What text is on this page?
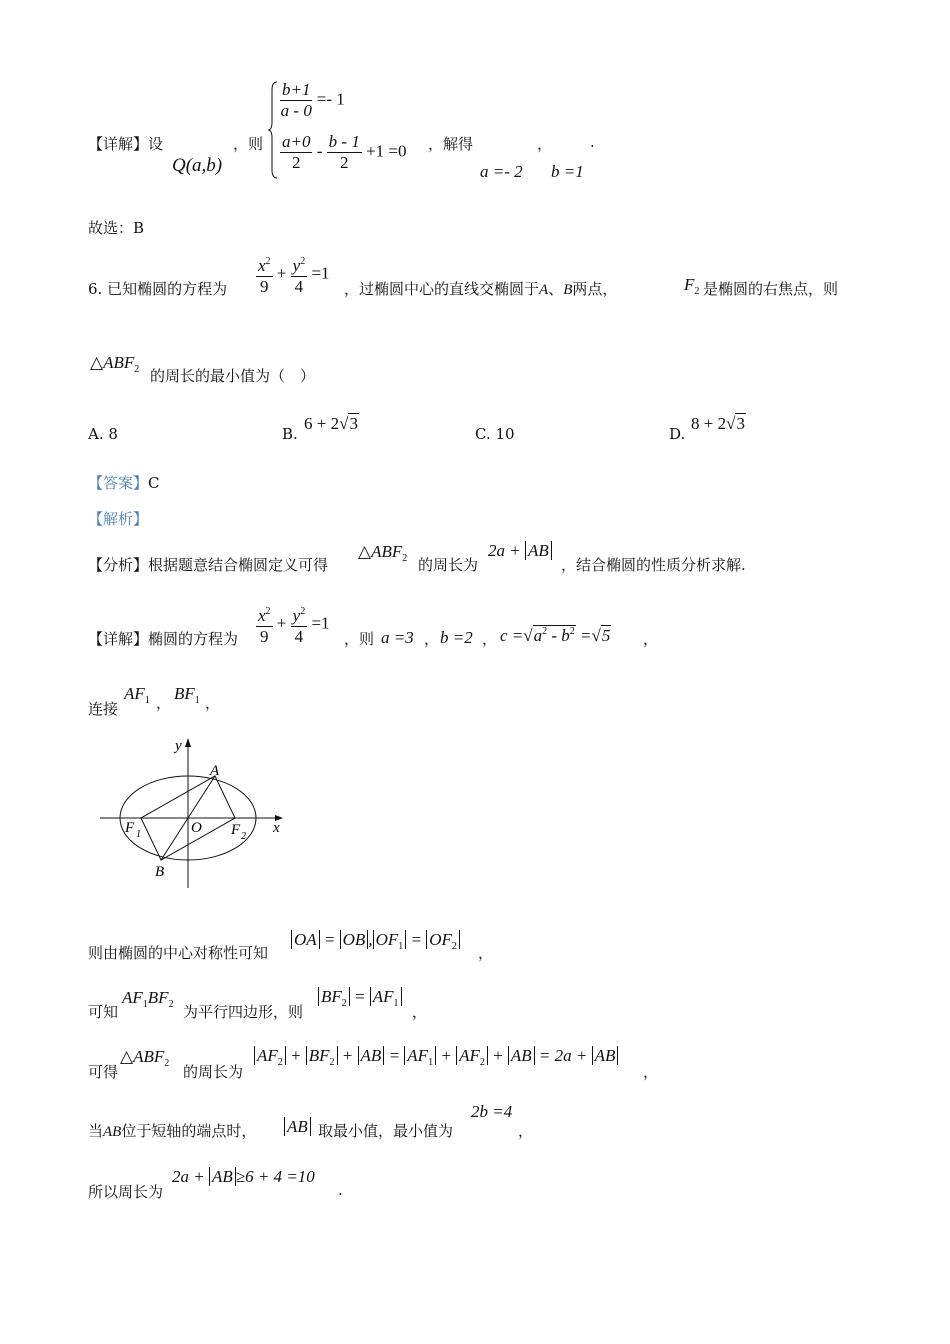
【详解】设
Q(a,b)
，则
$\frac{b+1}{a - 0} =- 1$
$\frac{a+0}{2} - \frac{b - 1}{2} +1 =0$ ，解得
a =- 2
，
b =1
.
故选：B
6. 已知椭圆的方程为 $\frac{x^2}{9} + \frac{y^2}{4} =1$
，过椭圆中心的直线交椭圆于A、B两点，	$F_2$ 是椭圆的右焦点，则
$\triangle ABF_2$ 的周长的最小值为（　）
A. 8	B.
6 + 2√3
C. 10	D.
8 + 2√3
【答案】C
【解析】
【分析】根据题意结合椭圆定义可得
$\triangle ABF_2$ 的周长为
2a + AB
，结合椭圆的性质分析求解.
【详解】椭圆的方程为 $\frac{x^2}{9} + \frac{y^2}{4} =1$
，则 a =3 ， b =2 ， $c =√a^2 - b^2 =√5$ ，
连接
$AF_1$ ， $BF_1$ ，
y
x
A
B
O
F 1	F 2
则由椭圆的中心对称性可知
OA = OB , $OF_1 = OF_2$ ，
可知
$AF_1BF_2$ 为平行四边形，则
$BF_2 = AF_1$ ，
可得
$\triangle ABF_2$ 的周长为
$AF_2 + BF_2$ + AB = $AF_1 + AF_2$ + AB = 2a + AB
，
当AB位于短轴的端点时， AB 取最小值，最小值为
2b =4
，
所以周长为
2a + AB ≥6 + 4 =10
.
